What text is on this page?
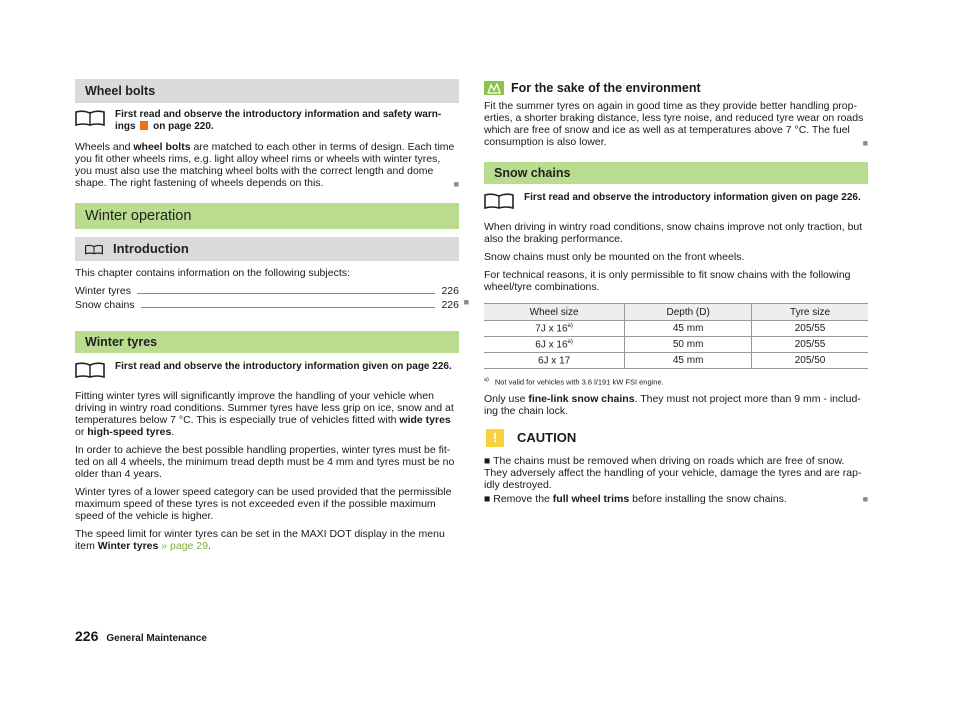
Wheel bolts
First read and observe the introductory information and safety warn-
ings on page 220.

Wheels and wheel bolts are matched to each other in terms of design. Each time you fit other wheels rims, e.g. light alloy wheel rims or wheels with winter tyres, you must also use the matching wheel bolts with the correct length and dome shape. The right fastening of wheels depends on this.	■
Winter operation
Introduction

This chapter contains information on the following subjects:

Winter tyres	226
Snow chains	226 ■
Winter tyres
First read and observe the introductory information given on page 226.

Fitting winter tyres will significantly improve the handling of your vehicle when driving in wintry road conditions. Summer tyres have less grip on ice, snow and at temperatures below 7 °C. This is especially true of vehicles fitted with wide tyres or high-speed tyres.

In order to achieve the best possible handling properties, winter tyres must be fit- ted on all 4 wheels, the minimum tread depth must be 4 mm and tyres must be no older than 4 years.

Winter tyres of a lower speed category can be used provided that the permissible maximum speed of these tyres is not exceeded even if the possible maximum speed of the vehicle is higher.

The speed limit for winter tyres can be set in the MAXI DOT display in the menu item Winter tyres » page 29.

For the sake of the environment

Fit the summer tyres on again in good time as they provide better handling prop- erties, a shorter braking distance, less tyre noise, and reduced tyre wear on roads which are free of snow and ice as well as at temperatures above 7 °C. The fuel consumption is also lower.	■
Snow chains
First read and observe the introductory information given on page 226.

When driving in wintry road conditions, snow chains improve not only traction, but also the braking performance.

Snow chains must only be mounted on the front wheels.

For technical reasons, it is only permissible to fit snow chains with the following wheel/tyre combinations.

Wheel size	Depth (D)	Tyre size
7J x 16$^{a)}$	45 mm	205/55
6J x 16$^{a)}$	50 mm	205/55
6J x 17	45 mm	205/50
$^{a)}$ Not valid for vehicles with 3.6 l/191 kW FSI engine.

Only use fine-link snow chains. They must not project more than 9 mm - includ- ing the chain lock.

!	CAUTION

■ The chains must be removed when driving on roads which are free of snow. They adversely affect the handling of your vehicle, damage the tyres and are rap- idly destroyed.

■ Remove the full wheel trims before installing the snow chains.	■

226 General Maintenance
